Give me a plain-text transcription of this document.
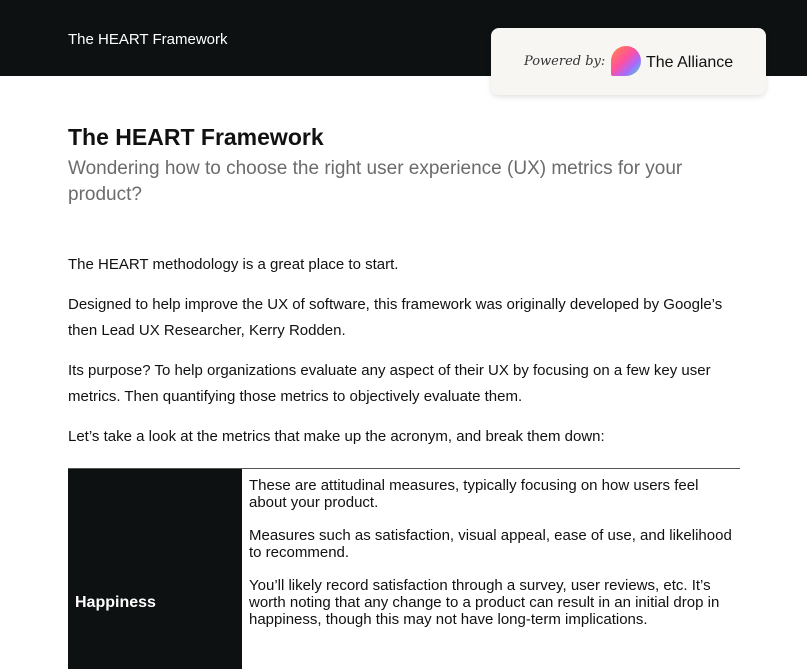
The HEART Framework
Powered by:	The Alliance
The HEART Framework
Wondering how to choose the right user experience (UX) metrics for your product?
The HEART methodology is a great place to start.
Designed to help improve the UX of software, this framework was originally developed by Google’s then Lead UX Researcher, Kerry Rodden.
Its purpose? To help organizations evaluate any aspect of their UX by focusing on a few key user metrics. Then quantifying those metrics to objectively evaluate them.
Let’s take a look at the metrics that make up the acronym, and break them down:
Happiness

These are attitudinal measures, typically focusing on how users feel about your product.

Measures such as satisfaction, visual appeal, ease of use, and likelihood to recommend.

You’ll likely record satisfaction through a survey, user reviews, etc. It’s worth noting that any change to a product can result in an initial drop in happiness, though this may not have long-term implications.
